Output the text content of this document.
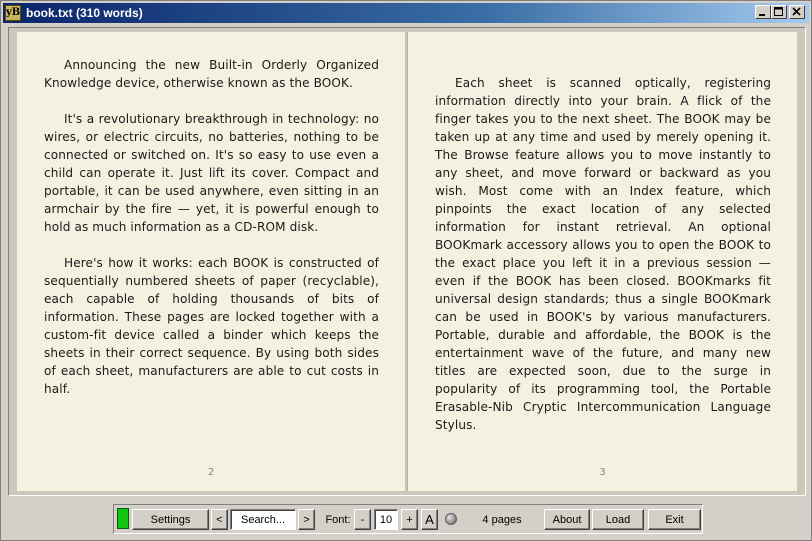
yB book.txt (310 words)

Announcing the new Built-in Orderly Organized Knowledge device, otherwise known as the BOOK.

It's a revolutionary breakthrough in technology: no wires, or electric circuits, no batteries, nothing to be connected or switched on. It's so easy to use even a child can operate it. Just lift its cover. Compact and portable, it can be used anywhere, even sitting in an armchair by the fire — yet, it is powerful enough to hold as much information as a CD-ROM disk.

Here's how it works: each BOOK is constructed of sequentially numbered sheets of paper (recyclable), each capable of holding thousands of bits of information. These pages are locked together with a custom-fit device called a binder which keeps the sheets in their correct sequence. By using both sides of each sheet, manufacturers are able to cut costs in half.

2

Each sheet is scanned optically, registering information directly into your brain. A flick of the finger takes you to the next sheet. The BOOK may be taken up at any time and used by merely opening it. The Browse feature allows you to move instantly to any sheet, and move forward or backward as you wish. Most come with an Index feature, which pinpoints the exact location of any selected information for instant retrieval. An optional BOOKmark accessory allows you to open the BOOK to the exact place you left it in a previous session — even if the BOOK has been closed. BOOKmarks fit universal design standards; thus a single BOOKmark can be used in BOOK's by various manufacturers. Portable, durable and affordable, the BOOK is the entertainment wave of the future, and many new titles are expected soon, due to the surge in popularity of its programming tool, the Portable Erasable-Nib Cryptic Intercommunication Language Stylus.

3
Settings	<	Search...	>	Font: -	10	+ A	4 pages	About	Load	Exit
